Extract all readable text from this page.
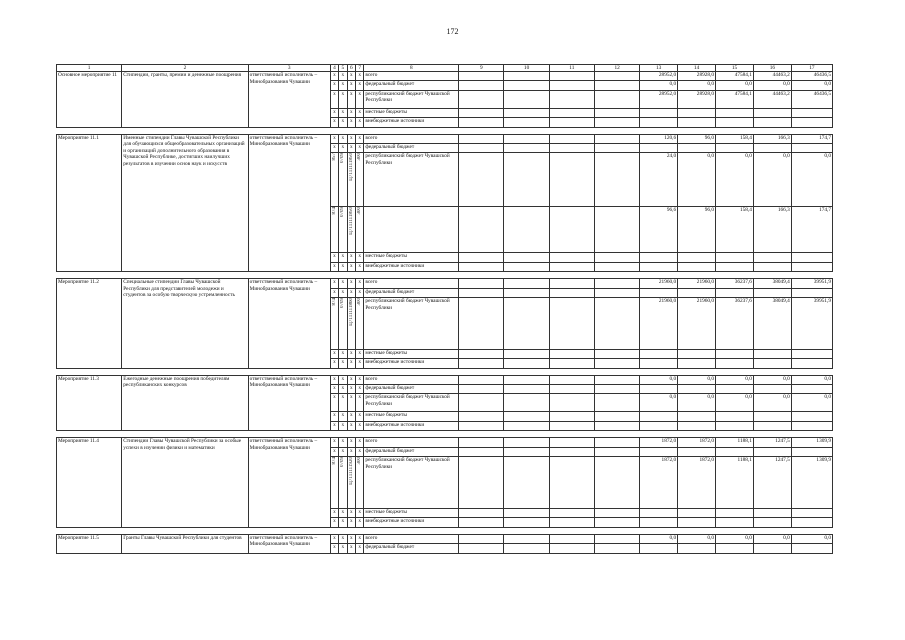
172
1	2	3	4	5	6	7	8	9	10	11	12	13	14	15	16	17
Основное мероприятие 11	Стипендии, гранты, премии и денежные поощрения	ответственный исполнитель – Минобразования Чувашии	x	x	x	x	всего					28952,0	28928,0	47584,1	44463,2	46436,5
			x	x	x	x	федеральный бюджет					0,0	0,0	0,0	0,0	0,0
			x	x	x	x	республиканский бюджет Чувашской Республики					28952,0	28928,0	47584,1	44463,2	46436,5
			x	x	x	x	местные бюджеты									
			x	x	x	x	внебюджетные источники									

Мероприятие 11.1	Именные стипендии Главы Чувашской Республики для обучающихся общеобразовательных организаций и организаций дополнительного образования в Чувашской Республике, достигших наилучших результатов в изучении основ наук и искусств	ответственный исполнитель – Минобразования Чувашии	x	x	x	x	всего					120,6	96,0	158,4	166,3	174,7
			x	x	x	x	федеральный бюджет									

			857	0709	Ц7111111850	300	республиканский бюджет Чувашской Республики					24,0	0,0	0,0	0,0	0,0

			874	0709	Ц7111111850	300						96,6	96,0	158,4	166,3	174,7
			x	x	x	x	местные бюджеты									
			x	x	x	x	внебюджетные источники									

Мероприятие 11.2	Специальные стипендии Главы Чувашской Республики для представителей молодежи и студентов за особую творческую устремленность	ответственный исполнитель – Минобразования Чувашии	x	x	x	x	всего					21960,0	21960,0	36237,6	38049,4	39951,9
			x	x	x	x	федеральный бюджет									

			874	0709	Ц7111111860	300	республиканский бюджет Чувашской Республики					21960,0	21960,0	36237,6	38049,4	39951,9
			x	x	x	x	местные бюджеты									
			x	x	x	x	внебюджетные источники									

Мероприятие 11.3	Ежегодные денежные поощрения победителям республиканских конкурсов	ответственный исполнитель – Минобразования Чувашии	x	x	x	x	всего					0,0	0,0	0,0	0,0	0,0
			x	x	x	x	федеральный бюджет									
			x	x	x	x	республиканский бюджет Чувашской Республики					0,0	0,0	0,0	0,0	0,0
			x	x	x	x	местные бюджеты									
			x	x	x	x	внебюджетные источники									

Мероприятие 11.4	Стипендии Главы Чувашской Республики за особые успехи в изучении физики и математики	ответственный исполнитель – Минобразования Чувашии	x	x	x	x	всего					1872,0	1872,0	1188,1	1247,5	1309,9
			x	x	x	x	федеральный бюджет									

			874	0709	Ц7111111920	300	республиканский бюджет Чувашской Республики					1872,0	1872,0	1188,1	1247,5	1309,9
			x	x	x	x	местные бюджеты									
			x	x	x	x	внебюджетные источники									

Мероприятие 11.5	Гранты Главы Чувашской Республики для студентов	ответственный исполнитель – Минобразования Чувашии	x	x	x	x	всего					0,0	0,0	0,0	0,0	0,0
			x	x	x	x	федеральный бюджет									
